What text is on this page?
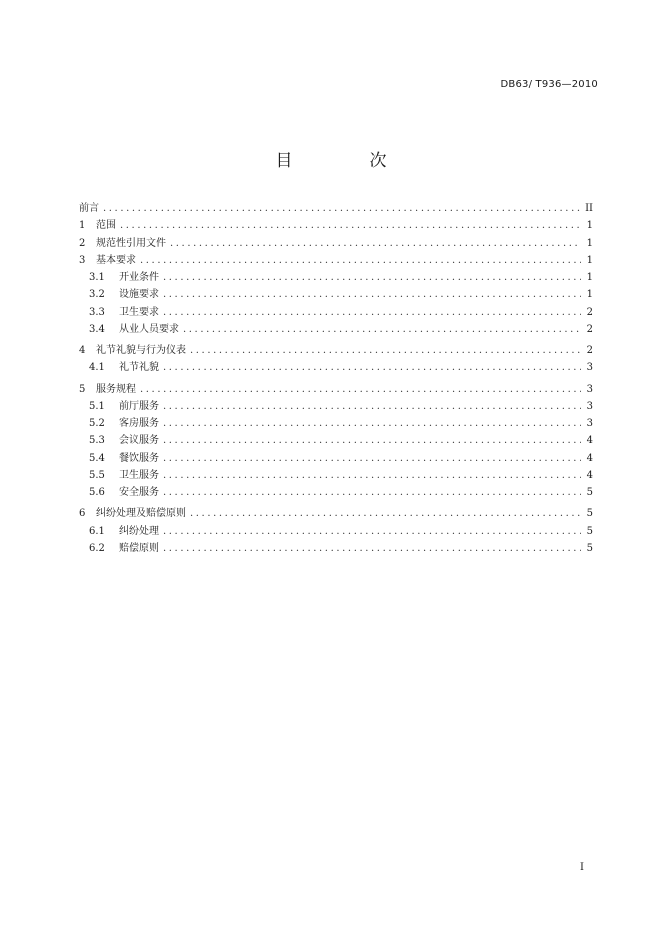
DB63/ T936—2010
目　次
前言 .....	II
1	范围 .....	1
2	规范性引用文件 .....	1
3	基本要求 .....	1
3.1	开业条件 .....	1
3.2	设施要求 .....	1
3.3	卫生要求 .....	2
3.4	从业人员要求 .....	2
4	礼节礼貌与行为仪表 .....	2
4.1	礼节礼貌 .....	3
5	服务规程 .....	3
5.1	前厅服务 .....	3
5.2	客房服务 .....	3
5.3	会议服务 .....	4
5.4	餐饮服务 .....	4
5.5	卫生服务 .....	4
5.6	安全服务 .....	5
6	纠纷处理及赔偿原则 .....	5
6.1	纠纷处理 .....	5
6.2	赔偿原则 .....	5
I
